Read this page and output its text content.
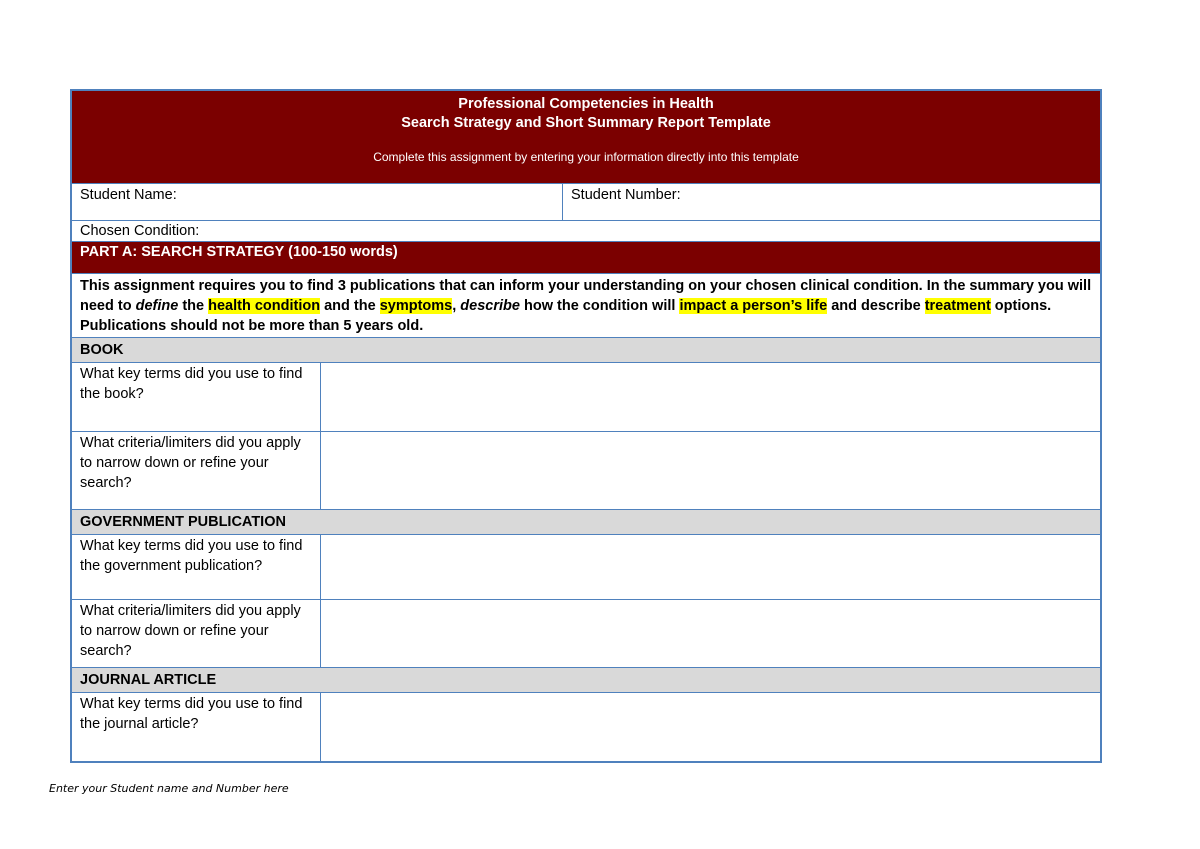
Professional Competencies in Health
Search Strategy and Short Summary Report Template
Complete this assignment by entering your information directly into this template
Student Name:	Student Number:
Chosen Condition:
PART A: SEARCH STRATEGY (100-150 words)
This assignment requires you to find 3 publications that can inform your understanding on your chosen clinical condition. In the summary you will need to define the health condition and the symptoms, describe how the condition will impact a person’s life and describe treatment options. Publications should not be more than 5 years old.
BOOK
What key terms did you use to find the book?
What criteria/limiters did you apply to narrow down or refine your search?
GOVERNMENT PUBLICATION
What key terms did you use to find the government publication?
What criteria/limiters did you apply to narrow down or refine your search?
JOURNAL ARTICLE
What key terms did you use to find the journal article?
Enter your Student name and Number here
